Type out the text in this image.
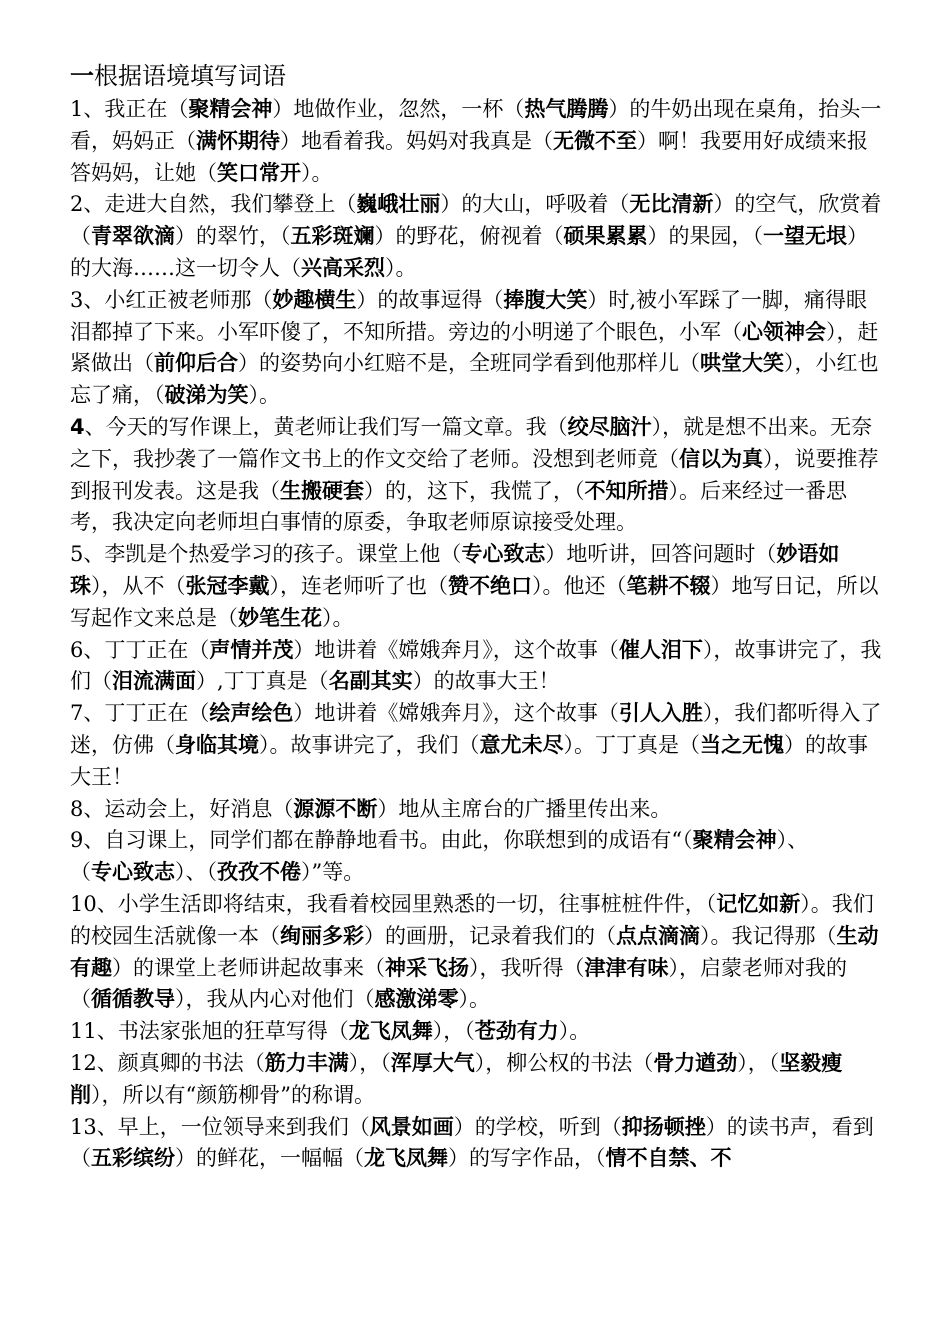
一根据语境填写词语
1、我正在（聚精会神）地做作业，忽然，一杯（热气腾腾）的牛奶出现在桌角，抬头一看，妈妈正（满怀期待）地看着我。妈妈对我真是（无微不至）啊！我要用好成绩来报答妈妈，让她（笑口常开）。
2、走进大自然，我们攀登上（巍峨壮丽）的大山，呼吸着（无比清新）的空气，欣赏着（青翠欲滴）的翠竹，（五彩斑斓）的野花，俯视着（硕果累累）的果园，（一望无垠）的大海……这一切令人（兴高采烈）。
3、小红正被老师那（妙趣横生）的故事逗得（捧腹大笑）时,被小军踩了一脚，痛得眼泪都掉了下来。小军吓傻了，不知所措。旁边的小明递了个眼色，小军（心领神会），赶紧做出（前仰后合）的姿势向小红赔不是，全班同学看到他那样儿（哄堂大笑），小红也忘了痛，（破涕为笑）。
4、今天的写作课上，黄老师让我们写一篇文章。我（绞尽脑汁），就是想不出来。无奈之下，我抄袭了一篇作文书上的作文交给了老师。没想到老师竟（信以为真），说要推荐到报刊发表。这是我（生搬硬套）的，这下，我慌了，（不知所措）。后来经过一番思考，我决定向老师坦白事情的原委，争取老师原谅接受处理。
5、李凯是个热爱学习的孩子。课堂上他（专心致志）地听讲，回答问题时（妙语如珠），从不（张冠李戴），连老师听了也（赞不绝口）。他还（笔耕不辍）地写日记，所以写起作文来总是（妙笔生花）。
6、丁丁正在（声情并茂）地讲着《嫦娥奔月》，这个故事（催人泪下），故事讲完了，我们（泪流满面）,丁丁真是（名副其实）的故事大王！
7、丁丁正在（绘声绘色）地讲着《嫦娥奔月》，这个故事（引人入胜），我们都听得入了迷，仿佛（身临其境）。故事讲完了，我们（意尤未尽）。丁丁真是（当之无愧）的故事大王！
8、运动会上，好消息（源源不断）地从主席台的广播里传出来。
9、自习课上，同学们都在静静地看书。由此，你联想到的成语有“（聚精会神）、
（专心致志）、（孜孜不倦）”等。
10、小学生活即将结束，我看着校园里熟悉的一切，往事桩桩件件，（记忆如新）。我们的校园生活就像一本（绚丽多彩）的画册，记录着我们的（点点滴滴）。我记得那（生动有趣）的课堂上老师讲起故事来（神采飞扬），我听得（津津有味），启蒙老师对我的（循循教导），我从内心对他们（感激涕零）。
11、书法家张旭的狂草写得（龙飞凤舞），（苍劲有力）。
12、颜真卿的书法（筋力丰满），（浑厚大气），柳公权的书法（骨力遒劲），（坚毅瘦削），所以有“颜筋柳骨”的称谓。
13、早上，一位领导来到我们（风景如画）的学校，听到（抑扬顿挫）的读书声，看到（五彩缤纷）的鲜花，一幅幅（龙飞凤舞）的写字作品，（情不自禁、不
